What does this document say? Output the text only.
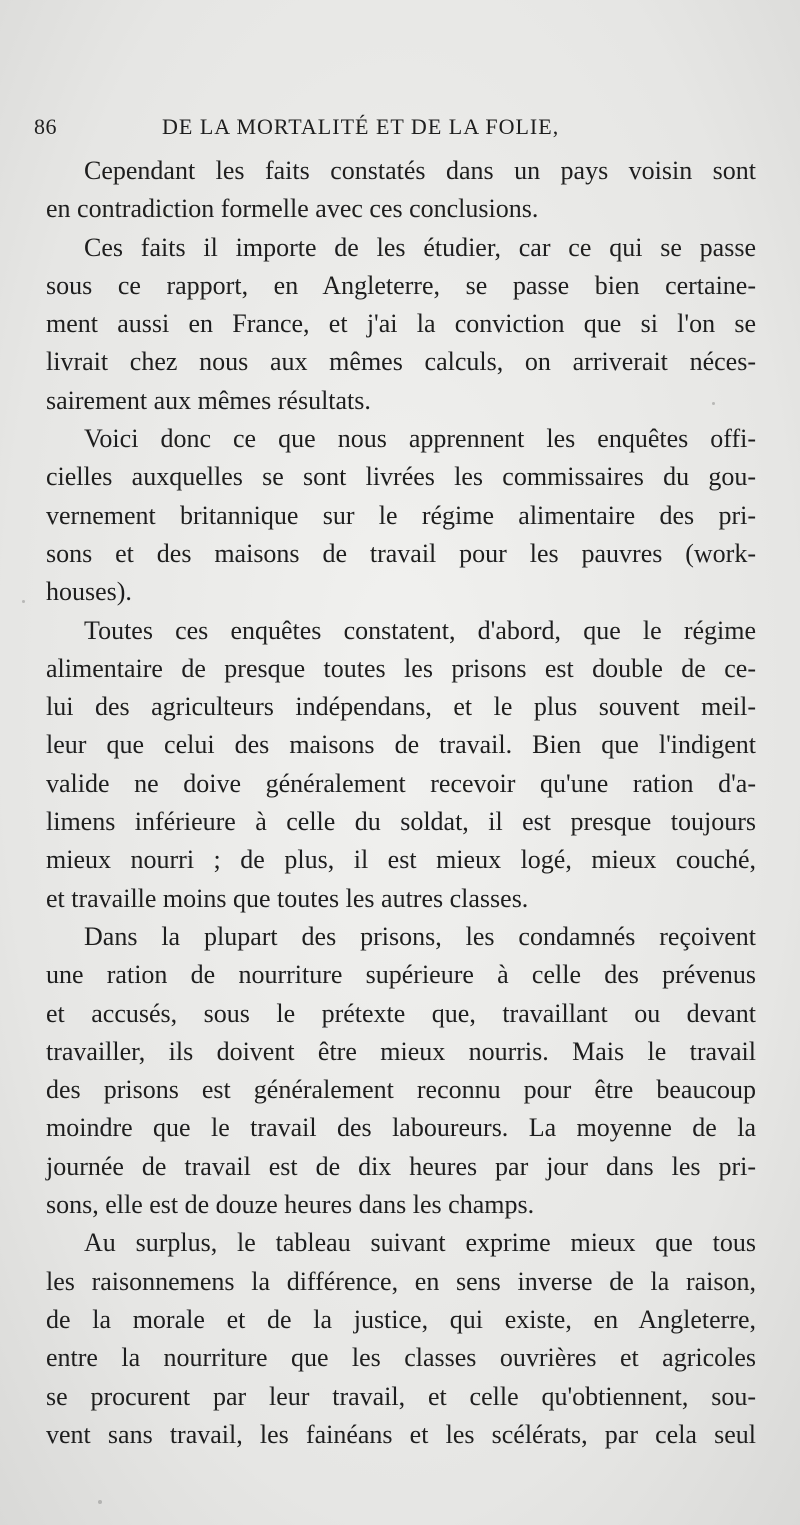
86	DE LA MORTALITÉ ET DE LA FOLIE,
Cependant les faits constatés dans un pays voisin sont
en contradiction formelle avec ces conclusions.
Ces faits il importe de les étudier, car ce qui se passe
sous ce rapport, en Angleterre, se passe bien certaine-
ment aussi en France, et j'ai la conviction que si l'on se
livrait chez nous aux mêmes calculs, on arriverait néces-
sairement aux mêmes résultats.
Voici donc ce que nous apprennent les enquêtes offi-
cielles auxquelles se sont livrées les commissaires du gou-
vernement britannique sur le régime alimentaire des pri-
sons et des maisons de travail pour les pauvres (work-
houses).
Toutes ces enquêtes constatent, d'abord, que le régime
alimentaire de presque toutes les prisons est double de ce-
lui des agriculteurs indépendans, et le plus souvent meil-
leur que celui des maisons de travail. Bien que l'indigent
valide ne doive généralement recevoir qu'une ration d'a-
limens inférieure à celle du soldat, il est presque toujours
mieux nourri ; de plus, il est mieux logé, mieux couché,
et travaille moins que toutes les autres classes.
Dans la plupart des prisons, les condamnés reçoivent
une ration de nourriture supérieure à celle des prévenus
et accusés, sous le prétexte que, travaillant ou devant
travailler, ils doivent être mieux nourris. Mais le travail
des prisons est généralement reconnu pour être beaucoup
moindre que le travail des laboureurs. La moyenne de la
journée de travail est de dix heures par jour dans les pri-
sons, elle est de douze heures dans les champs.
Au surplus, le tableau suivant exprime mieux que tous
les raisonnemens la différence, en sens inverse de la raison,
de la morale et de la justice, qui existe, en Angleterre,
entre la nourriture que les classes ouvrières et agricoles
se procurent par leur travail, et celle qu'obtiennent, sou-
vent sans travail, les fainéans et les scélérats, par cela seul
